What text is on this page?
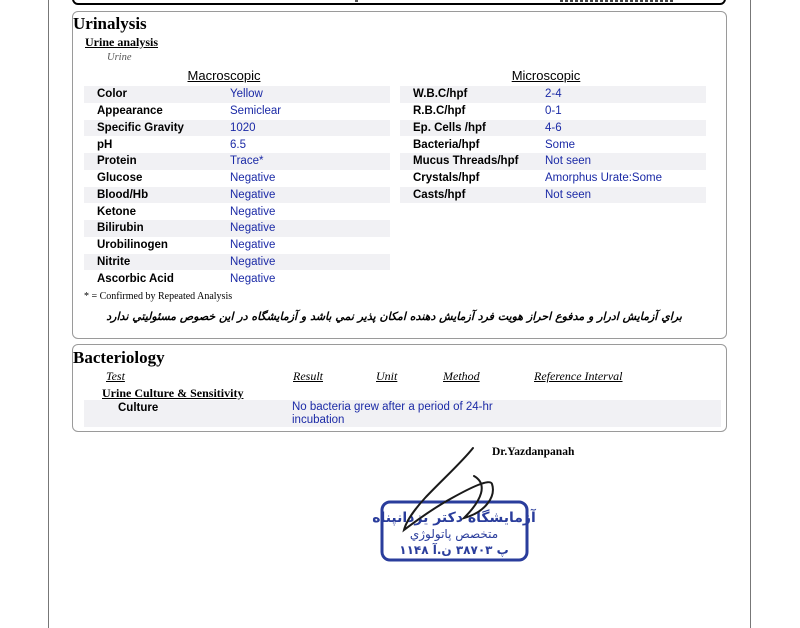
Urinalysis
Urine analysis
Urine
Macroscopic	Microscopic
Color	Yellow
Appearance	Semiclear
Specific Gravity	1020
pH	6.5
Protein	Trace*
Glucose	Negative
Blood/Hb	Negative
Ketone	Negative
Bilirubin	Negative
Urobilinogen	Negative
Nitrite	Negative
Ascorbic Acid	Negative
W.B.C/hpf	2-4
R.B.C/hpf	0-1
Ep. Cells /hpf	4-6
Bacteria/hpf	Some
Mucus Threads/hpf Not seen
Crystals/hpf	Amorphus Urate:Some
Casts/hpf	Not seen
* = Confirmed by Repeated Analysis
براي آزمايش ادرار و مدفوع احراز هويت فرد آزمايش دهنده امكان پذير نمي باشد و آزمايشگاه در اين خصوص مسئوليتي ندارد
Bacteriology
Test	Result	Unit	Method	Reference Interval
Urine Culture & Sensitivity
Culture	No bacteria grew after a period of 24-hr incubation
Dr.Yazdanpanah
آزمايشگاه دكتر يزدانپناه
متخصص پاتولوژي
پ ۳۸۷۰۳ ن.آ ۱۱۴۸
